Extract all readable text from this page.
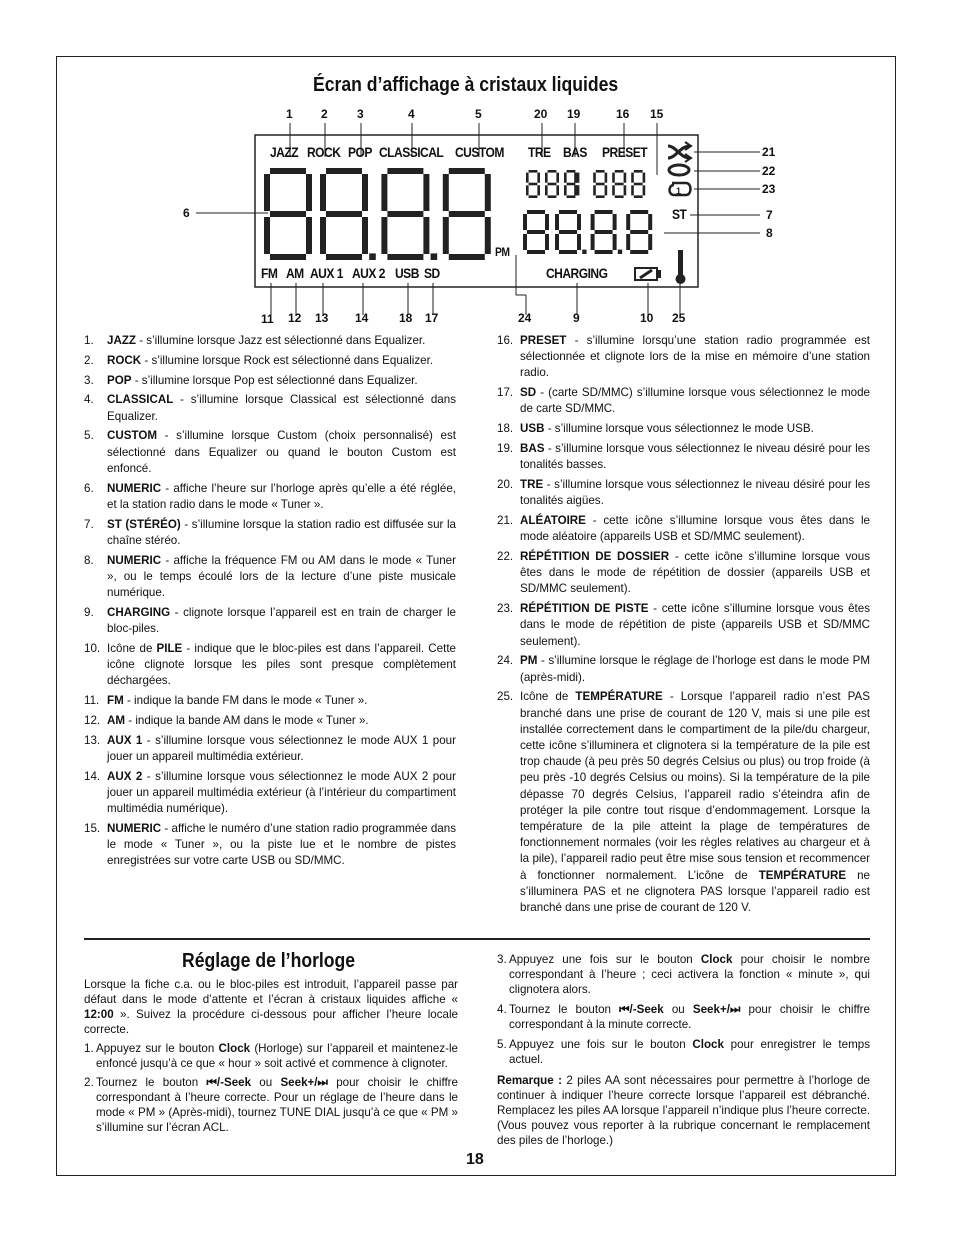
Écran d’affichage à cristaux liquides
1
JAZZ ROCK POP CLASSICAL CUSTOM TRE BAS PRESET
FM AM AUX 1 AUX 2 USB SD
PM
CHARGING
ST
1 2 3	4	5	20 19	16 15
21
22
23
7
8
6
11 12 13 14	18 17	24	9	10 25
1.	JAZZ - s’illumine lorsque Jazz est sélectionné dans Equalizer.
2.	ROCK - s’illumine lorsque Rock est sélectionné dans Equalizer.
3.	POP - s’illumine lorsque Pop est sélectionné dans Equalizer.
4.	CLASSICAL - s’illumine lorsque Classical est sélectionné dans Equalizer.
5.	CUSTOM - s’illumine lorsque Custom (choix personnalisé) est sélectionné dans Equalizer ou quand le bouton Custom est enfoncé.
6.	NUMERIC - affiche l’heure sur l’horloge après qu’elle a été réglée, et la station radio dans le mode « Tuner ».
7.	ST (STÉRÉO) - s’illumine lorsque la station radio est diffusée sur la chaîne stéréo.
8.	NUMERIC - affiche la fréquence FM ou AM dans le mode « Tuner », ou le temps écoulé lors de la lecture d’une piste musicale numérique.
9.	CHARGING - clignote lorsque l’appareil est en train de charger le bloc-piles.
10. Icône de PILE - indique que le bloc-piles est dans l’appareil. Cette icône clignote lorsque les piles sont presque complètement déchargées.
11. FM - indique la bande FM dans le mode « Tuner ».
12. AM - indique la bande AM dans le mode « Tuner ».
13. AUX 1 - s’illumine lorsque vous sélectionnez le mode AUX 1 pour jouer un appareil multimédia extérieur.
14. AUX 2 - s’illumine lorsque vous sélectionnez le mode AUX 2 pour jouer un appareil multimédia extérieur (à l’intérieur du compartiment multimédia numérique).
15. NUMERIC - affiche le numéro d’une station radio programmée dans le mode « Tuner », ou la piste lue et le nombre de pistes enregistrées sur votre carte USB ou SD/MMC.
16. PRESET - s’illumine lorsqu’une station radio programmée est sélectionnée et clignote lors de la mise en mémoire d’une station radio.
17. SD - (carte SD/MMC) s’illumine lorsque vous sélectionnez le mode de carte SD/MMC.
18. USB - s’illumine lorsque vous sélectionnez le mode USB.
19. BAS - s’illumine lorsque vous sélectionnez le niveau désiré pour les tonalités basses.
20. TRE - s’illumine lorsque vous sélectionnez le niveau désiré pour les tonalités aigües.
21. ALÉATOIRE - cette icône s’illumine lorsque vous êtes dans le mode aléatoire (appareils USB et SD/MMC seulement).
22. RÉPÉTITION DE DOSSIER - cette icône s’illumine lorsque vous êtes dans le mode de répétition de dossier (appareils USB et SD/MMC seulement).
23. RÉPÉTITION DE PISTE - cette icône s’illumine lorsque vous êtes dans le mode de répétition de piste (appareils USB et SD/MMC seulement).
24. PM - s’illumine lorsque le réglage de l’horloge est dans le mode PM (après-midi).
25. Icône de TEMPÉRATURE - Lorsque l’appareil radio n’est PAS branché dans une prise de courant de 120 V, mais si une pile est installée correctement dans le compartiment de la pile/du chargeur, cette icône s’illuminera et clignotera si la température de la pile est trop chaude (à peu près 50 degrés Celsius ou plus) ou trop froide (à peu près -10 degrés Celsius ou moins). Si la température de la pile dépasse 70 degrés Celsius, l’appareil radio s’éteindra afin de protéger la pile contre tout risque d’endommagement. Lorsque la température de la pile atteint la plage de températures de fonctionnement normales (voir les règles relatives au chargeur et à la pile), l’appareil radio peut être mise sous tension et recommencer à fonctionner normalement. L’icône de TEMPÉRATURE ne s’illuminera PAS et ne clignotera PAS lorsque l’appareil radio est branché dans une prise de courant de 120 V.
Réglage de l’horloge

Lorsque la fiche c.a. ou le bloc-piles est introduit, l’appareil passe par défaut dans le mode d’attente et l’écran à cristaux liquides affiche « 12:00 ». Suivez la procédure ci-dessous pour afficher l’heure locale correcte.

1. Appuyez sur le bouton Clock (Horloge) sur l’appareil et maintenez-le enfoncé jusqu’à ce que « hour » soit activé et commence à clignoter.
2. Tournez le bouton ⏮/-Seek ou Seek+/⏭ pour choisir le chiffre correspondant à l’heure correcte. Pour un réglage de l’heure dans le mode « PM » (Après-midi), tournez TUNE DIAL jusqu’à ce que « PM » s’illumine sur l’écran ACL.
3. Appuyez une fois sur le bouton Clock pour choisir le nombre correspondant à l’heure ; ceci activera la fonction « minute », qui clignotera alors.
4. Tournez le bouton ⏮/-Seek ou Seek+/⏭ pour choisir le chiffre correspondant à la minute correcte.
5. Appuyez une fois sur le bouton Clock pour enregistrer le temps actuel.

Remarque : 2 piles AA sont nécessaires pour permettre à l’horloge de continuer à indiquer l’heure correcte lorsque l’appareil est débranché. Remplacez les piles AA lorsque l’appareil n’indique plus l’heure correcte. (Vous pouvez vous reporter à la rubrique concernant le remplacement des piles de l’horloge.)

18
